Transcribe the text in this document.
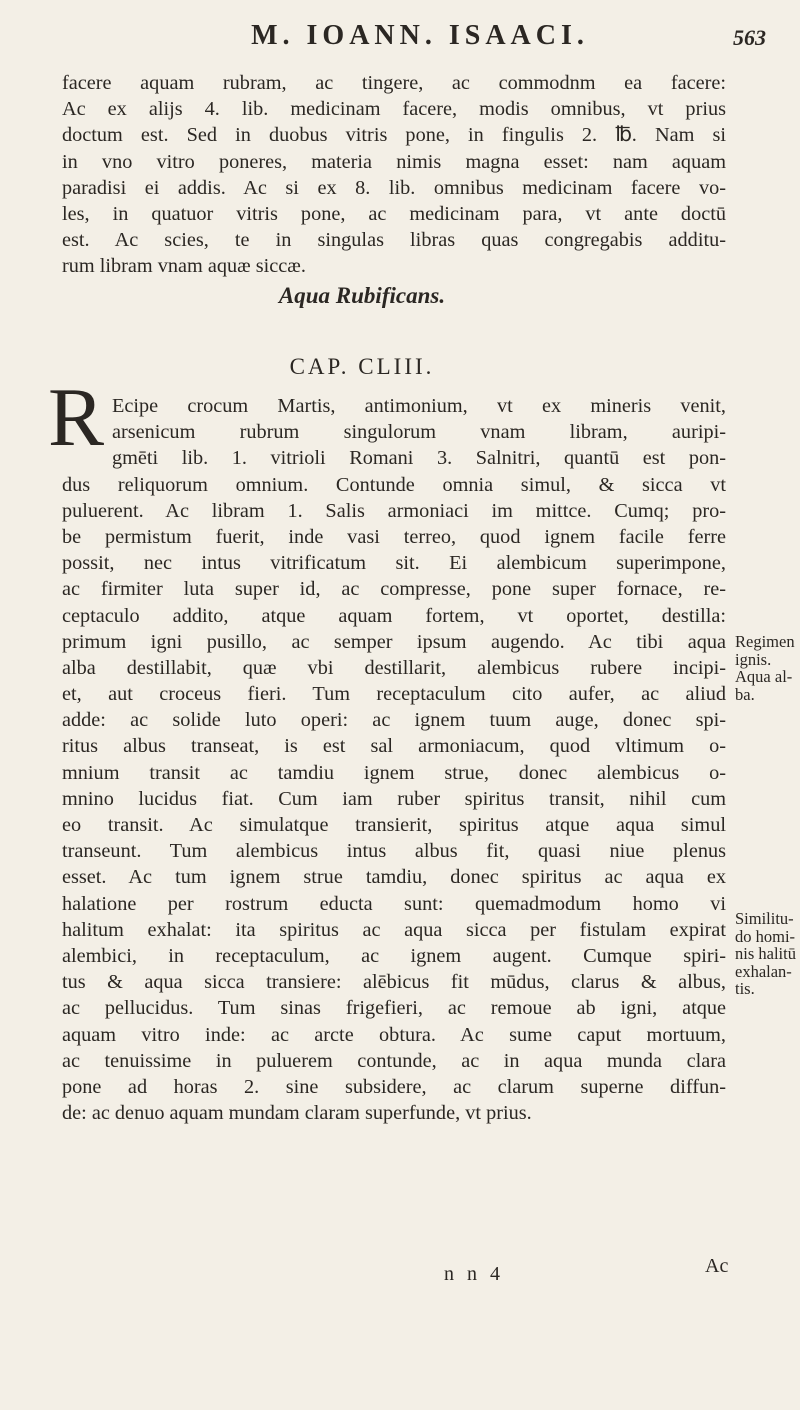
M. IOANN. ISAACI.	563
facere aquam rubram, ac tingere, ac commodnm ea facere:
Ac ex alijs 4. lib. medicinam facere, modis omnibus, vt prius
doctum est. Sed in duobus vitris pone, in fingulis 2. ℔. Nam si
in vno vitro poneres, materia nimis magna esset: nam aquam
paradisi ei addis. Ac si ex 8. lib. omnibus medicinam facere vo-
les, in quatuor vitris pone, ac medicinam para, vt ante doctū
est. Ac scies, te in singulas libras quas congregabis additu-
rum libram vnam aquæ siccæ.
Aqua Rubificans.
CAP. CLIII.
R Ecipe crocum Martis, antimonium, vt ex mineris venit,
arsenicum rubrum singulorum vnam libram, auripi-
gmēti lib. 1. vitrioli Romani 3. Salnitri, quantū est pon-
dus reliquorum omnium. Contunde omnia simul, & sicca vt
puluerent. Ac libram 1. Salis armoniaci im mittce. Cumq; pro-
be permistum fuerit, inde vasi terreo, quod ignem facile ferre
possit, nec intus vitrificatum sit. Ei alembicum superimpone,
ac firmiter luta super id, ac compresse, pone super fornace, re-
ceptaculo addito, atque aquam fortem, vt oportet, destilla:
primum igni pusillo, ac semper ipsum augendo. Ac tibi aqua
alba destillabit, quæ vbi destillarit, alembicus rubere incipi-
et, aut croceus fieri. Tum receptaculum cito aufer, ac aliud
adde: ac solide luto operi: ac ignem tuum auge, donec spi-
ritus albus transeat, is est sal armoniacum, quod vltimum o-
mnium transit ac tamdiu ignem strue, donec alembicus o-
mnino lucidus fiat. Cum iam ruber spiritus transit, nihil cum
eo transit. Ac simulatque transierit, spiritus atque aqua simul
transeunt. Tum alembicus intus albus fit, quasi niue plenus
esset. Ac tum ignem strue tamdiu, donec spiritus ac aqua ex
halatione per rostrum educta sunt: quemadmodum homo vi
halitum exhalat: ita spiritus ac aqua sicca per fistulam expirat
alembici, in receptaculum, ac ignem augent. Cumque spiri-
tus & aqua sicca transiere: alēbicus fit mūdus, clarus & albus,
ac pellucidus. Tum sinas frigefieri, ac remoue ab igni, atque
aquam vitro inde: ac arcte obtura. Ac sume caput mortuum,
ac tenuissime in puluerem contunde, ac in aqua munda clara
pone ad horas 2. sine subsidere, ac clarum superne diffun-
de: ac denuo aquam mundam claram superfunde, vt prius.
Regimen
ignis.
Aqua al-
ba.
Similitu-
do homi-
nis halitū
exhalan-
tis.
n n 4	Ac
